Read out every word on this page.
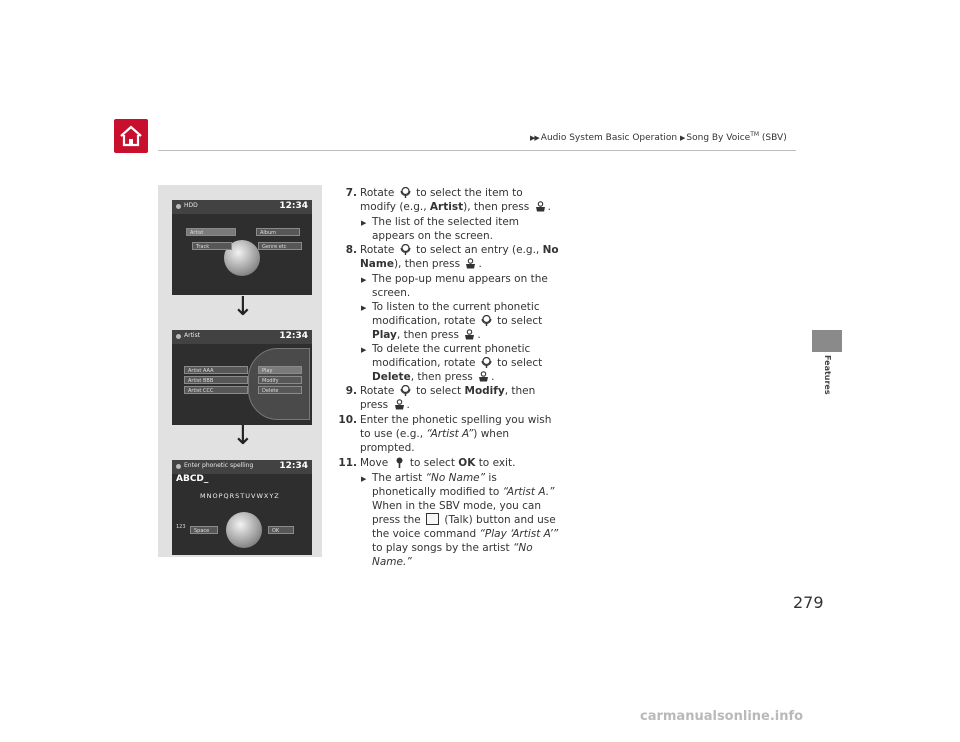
▶▶ Audio System Basic Operation ▶ Song By Voice™ (SBV)
Features
HDD	12:34
Artist	Album
Track	Genre etc
↓
Artist	12:34
Artist AAA
Artist BBB
Artist CCC
Play
Modify
Delete
↓
Enter phonetic spelling	12:34
ABCD_
MNOPQRSTUVWXYZ
123
Space	OK
7. Rotate to select the item to modify (e.g., Artist), then press .
▶ The list of the selected item appears on the screen.
8. Rotate to select an entry (e.g., No Name), then press .
▶ The pop-up menu appears on the screen.
▶ To listen to the current phonetic modification, rotate to select Play, then press .
▶ To delete the current phonetic modification, rotate to select Delete, then press .
9. Rotate to select Modify, then press .
10. Enter the phonetic spelling you wish to use (e.g., “Artist A”) when prompted.
11. Move to select OK to exit.
▶ The artist “No Name” is phonetically modified to “Artist A.” When in the SBV mode, you can press the (Talk) button and use the voice command “Play ‘Artist A’” to play songs by the artist “No Name.”
279
carmanualsonline.info
